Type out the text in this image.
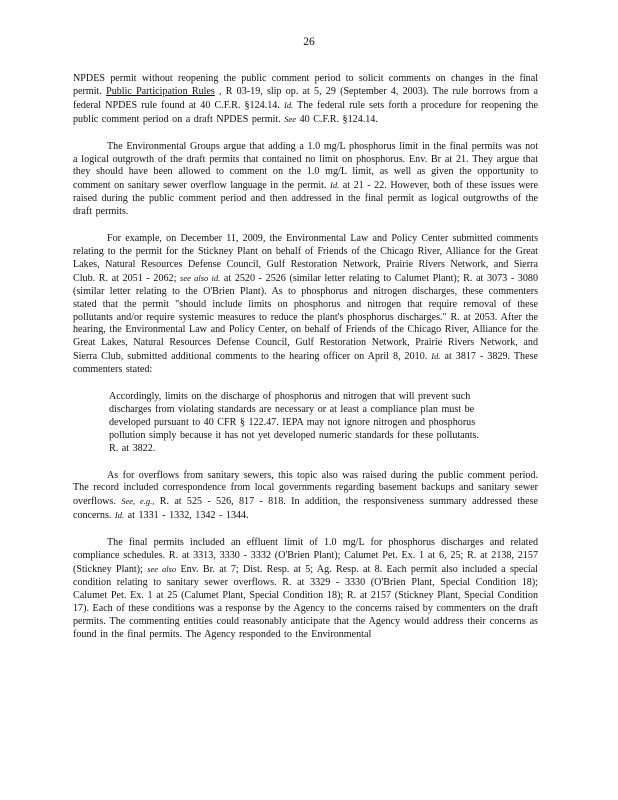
26

NPDES permit without reopening the public comment period to solicit comments on changes in the final permit. Public Participation Rules , R 03-19, slip op. at 5, 29 (September 4, 2003). The rule borrows from a federal NPDES rule found at 40 C.F.R. §124.14. Id. The federal rule sets forth a procedure for reopening the public comment period on a draft NPDES permit. See 40 C.F.R. §124.14.

The Environmental Groups argue that adding a 1.0 mg/L phosphorus limit in the final permits was not a logical outgrowth of the draft permits that contained no limit on phosphorus. Env. Br at 21. They argue that they should have been allowed to comment on the 1.0 mg/L limit, as well as given the opportunity to comment on sanitary sewer overflow language in the permit. Id. at 21 - 22. However, both of these issues were raised during the public comment period and then addressed in the final permit as logical outgrowths of the draft permits.

For example, on December 11, 2009, the Environmental Law and Policy Center submitted comments relating to the permit for the Stickney Plant on behalf of Friends of the Chicago River, Alliance for the Great Lakes, Natural Resources Defense Council, Gulf Restoration Network, Prairie Rivers Network, and Sierra Club. R. at 2051 - 2062; see also id. at 2520 - 2526 (similar letter relating to Calumet Plant); R. at 3073 - 3080 (similar letter relating to the O'Brien Plant). As to phosphorus and nitrogen discharges, these commenters stated that the permit "should include limits on phosphorus and nitrogen that require removal of these pollutants and/or require systemic measures to reduce the plant's phosphorus discharges." R. at 2053. After the hearing, the Environmental Law and Policy Center, on behalf of Friends of the Chicago River, Alliance for the Great Lakes, Natural Resources Defense Council, Gulf Restoration Network, Prairie Rivers Network, and Sierra Club, submitted additional comments to the hearing officer on April 8, 2010. Id. at 3817 - 3829. These commenters stated:

Accordingly, limits on the discharge of phosphorus and nitrogen that will prevent such discharges from violating standards are necessary or at least a compliance plan must be developed pursuant to 40 CFR § 122.47. IEPA may not ignore nitrogen and phosphorus pollution simply because it has not yet developed numeric standards for these pollutants. R. at 3822.

As for overflows from sanitary sewers, this topic also was raised during the public comment period. The record included correspondence from local governments regarding basement backups and sanitary sewer overflows. See, e.g., R. at 525 - 526, 817 - 818. In addition, the responsiveness summary addressed these concerns. Id. at 1331 - 1332, 1342 - 1344.

The final permits included an effluent limit of 1.0 mg/L for phosphorus discharges and related compliance schedules. R. at 3313, 3330 - 3332 (O'Brien Plant); Calumet Pet. Ex. 1 at 6, 25; R. at 2138, 2157 (Stickney Plant); see also Env. Br. at 7; Dist. Resp. at 5; Ag. Resp. at 8. Each permit also included a special condition relating to sanitary sewer overflows. R. at 3329 - 3330 (O'Brien Plant, Special Condition 18); Calumet Pet. Ex. 1 at 25 (Calumet Plant, Special Condition 18); R. at 2157 (Stickney Plant, Special Condition 17). Each of these conditions was a response by the Agency to the concerns raised by commenters on the draft permits. The commenting entities could reasonably anticipate that the Agency would address their concerns as found in the final permits. The Agency responded to the Environmental
